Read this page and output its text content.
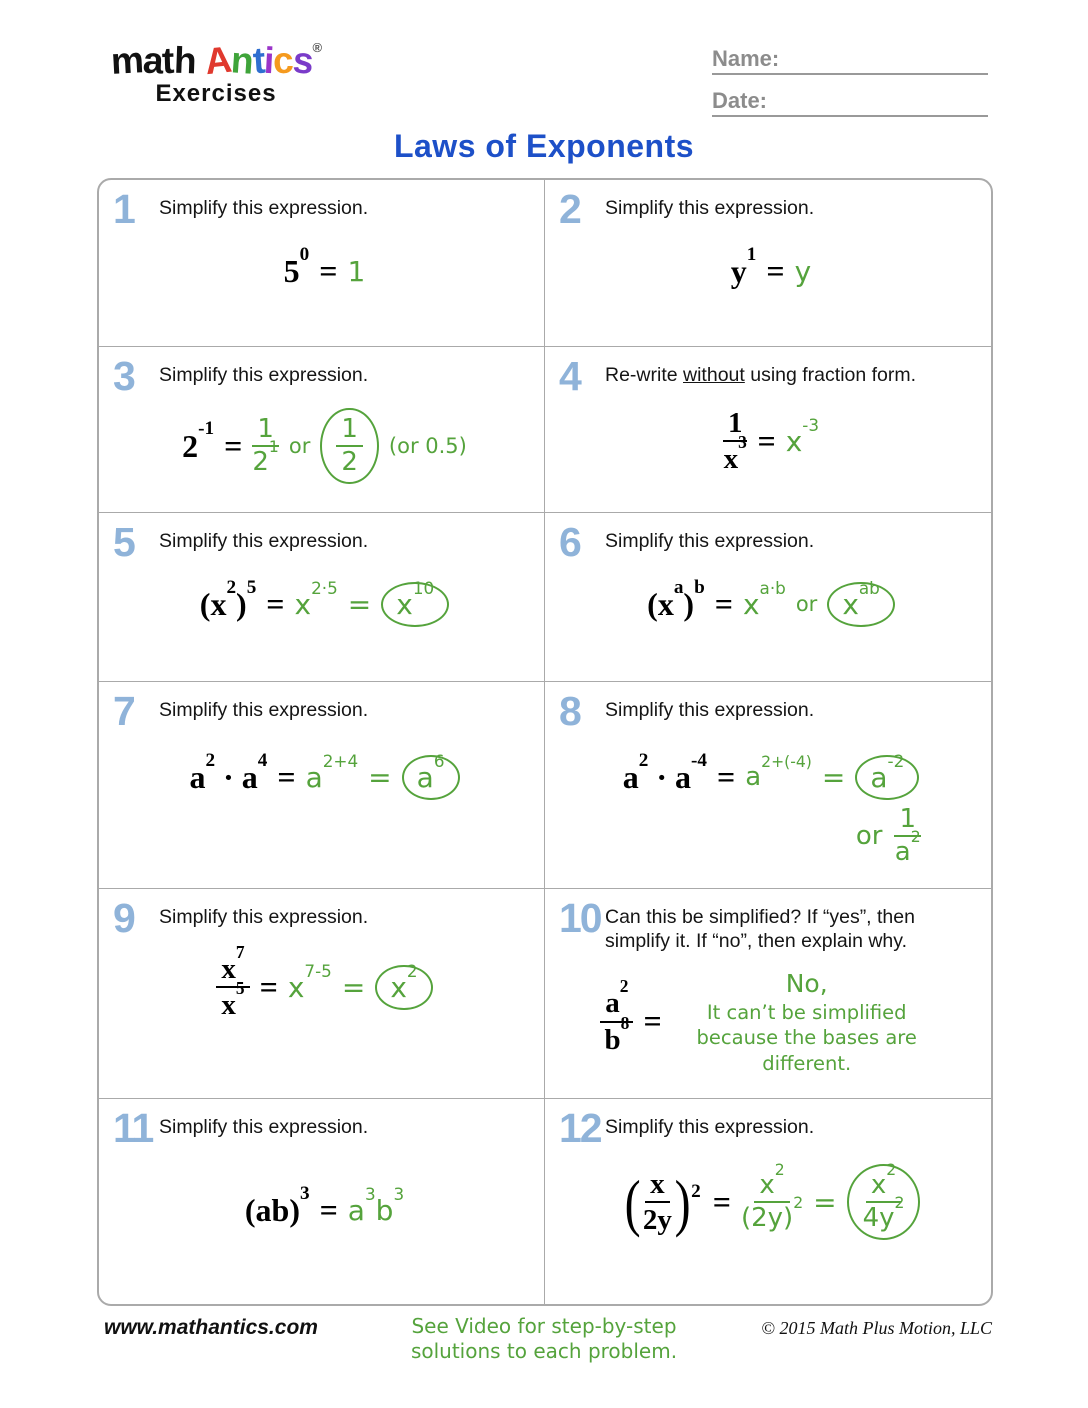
math Antics®
Exercises
Name:
Date:
Laws of Exponents
1	Simplify this expression.
$5^0 = 1$
2	Simplify this expression.
$y^1 = y$
3	Simplify this expression.
$2^{-1} = \frac{1}{2^1}$ or $\frac{1}{2} (or$ 0.5)
4	Re-write without using fraction form.
$\frac{1}{x^3} = x^{-3}$
5	Simplify this expression.
$(x^2)^5 = x^{2\cdot 5} = x^{10}$
6	Simplify this expression.
$(x^a)^b = x^{a\cdot b}$
or $x^{ab}$
7	Simplify this expression.
$a^2 \cdot a^4 = a^{2+4} = a^6$
8	Simplify this expression.
$a^2 \cdot a^{-4} = a^{2+(-4)} = a^{-2}$
or $\frac{1}{a^2}$
9	Simplify this expression.
$\frac{x^7}{x^5} = x^{7-5} = x^2$
10 Can this be simplified? If “yes”, then
simplify it. If “no”, then explain why.
$\frac{a^2}{b^8}$ =
No,
It can’t be simplified
because the bases are
different.
11 Simplify this expression.
$(ab)^3 = a^3b^3$
12 Simplify this expression.
( $\frac{x}{2y} )^2 = \frac{x^2}{(2y)^2} = \frac{x^2}{4y^2}$
www.mathantics.com	See Video for step-by-step
solutions to each problem.
© 2015 Math Plus Motion, LLC
